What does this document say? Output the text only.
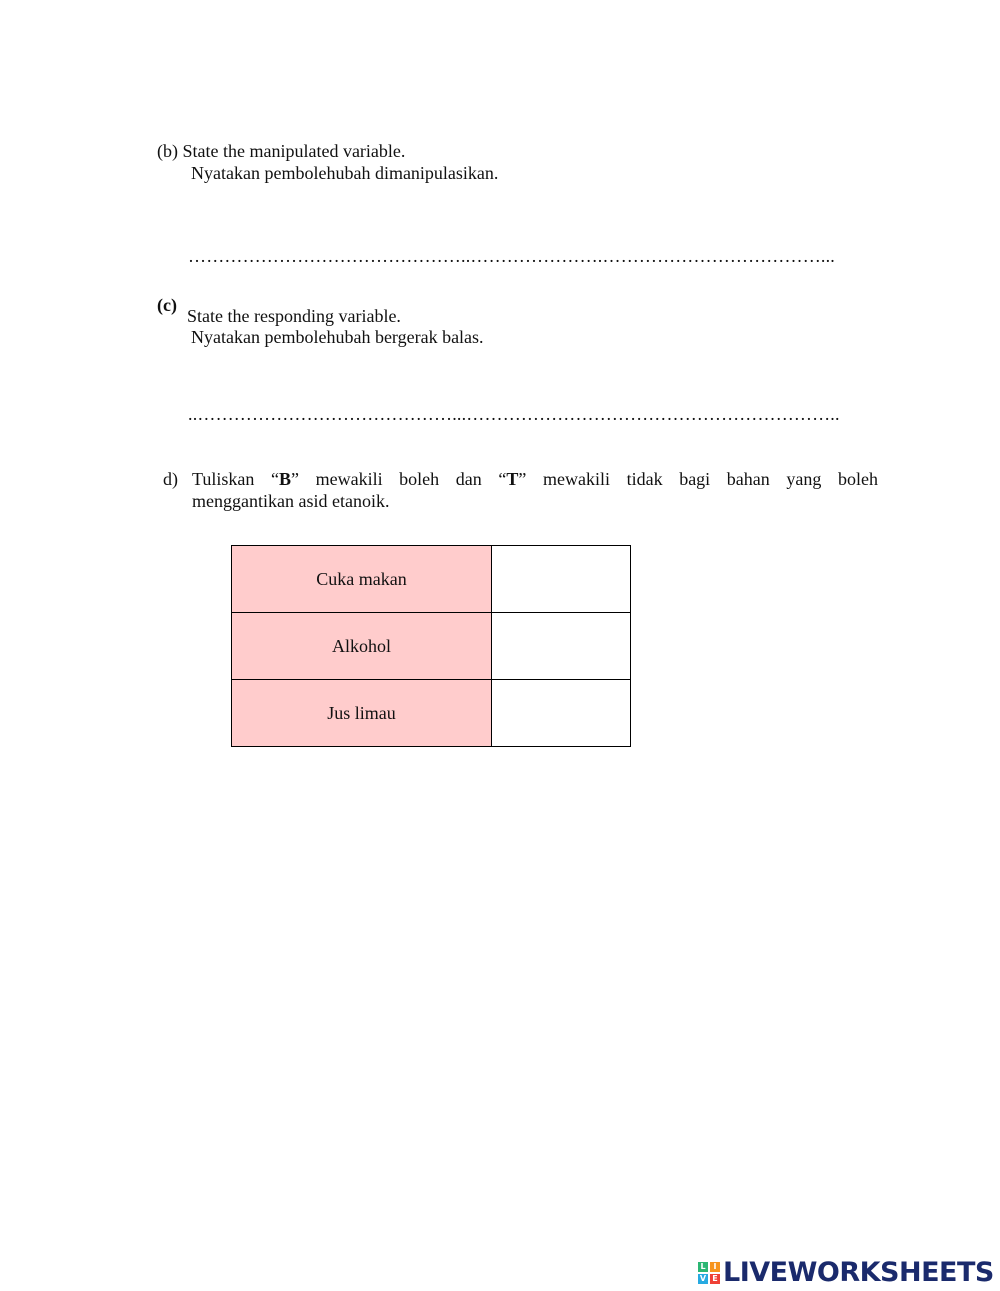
(b) State the manipulated variable.
Nyatakan pembolehubah dimanipulasikan.
………………………………………..………………….………………………………...
(c)
State the responding variable.
Nyatakan pembolehubah bergerak balas.
..……………………………………...……………………………………………………..
d) Tuliskan “B” mewakili boleh dan “T” mewakili tidak bagi bahan yang boleh
menggantikan asid etanoik.
Cuka makan	
Alkohol	
Jus limau	
L I
V E LIVEWORKSHEETS
